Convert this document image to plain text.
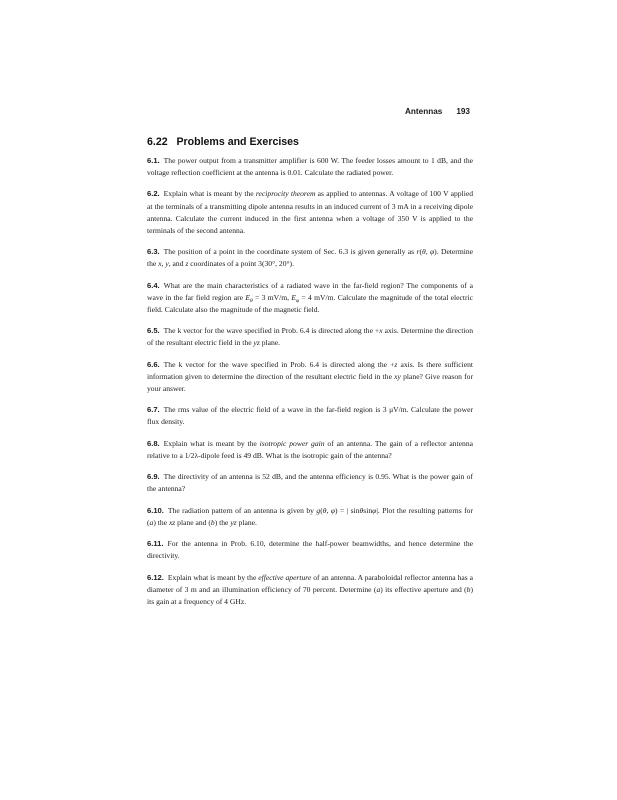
Antennas 193
6.22 Problems and Exercises

6.1. The power output from a transmitter amplifier is 600 W. The feeder losses amount to 1 dB, and the voltage reflection coefficient at the antenna is 0.01. Calculate the radiated power.

6.2. Explain what is meant by the reciprocity theorem as applied to antennas. A voltage of 100 V applied at the terminals of a transmitting dipole antenna results in an induced current of 3 mA in a receiving dipole antenna. Calculate the current induced in the first antenna when a voltage of 350 V is applied to the terminals of the second antenna.

6.3. The position of a point in the coordinate system of Sec. 6.3 is given generally as r(θ, φ). Determine the x, y, and z coordinates of a point 3(30°, 20°).

6.4. What are the main characteristics of a radiated wave in the far-field region? The components of a wave in the far field region are $E_\theta = 3$ mV/m, $E_\varphi = 4$ mV/m. Calculate the magnitude of the total electric field. Calculate also the magnitude of the magnetic field.

6.5. The k vector for the wave specified in Prob. 6.4 is directed along the +x axis. Determine the direction of the resultant electric field in the yz plane.

6.6. The k vector for the wave specified in Prob. 6.4 is directed along the +z axis. Is there sufficient information given to determine the direction of the resultant electric field in the xy plane? Give reason for your answer.

6.7. The rms value of the electric field of a wave in the far-field region is 3 μV/m. Calculate the power flux density.

6.8. Explain what is meant by the isotropic power gain of an antenna. The gain of a reflector antenna relative to a 1/2λ-dipole feed is 49 dB. What is the isotropic gain of the antenna?

6.9. The directivity of an antenna is 52 dB, and the antenna efficiency is 0.95. What is the power gain of the antenna?

6.10. The radiation pattern of an antenna is given by g(θ, φ) = | sinθsinφ|. Plot the resulting patterns for (a) the xz plane and (b) the yz plane.

6.11. For the antenna in Prob. 6.10, determine the half-power beamwidths, and hence determine the directivity.

6.12. Explain what is meant by the effective aperture of an antenna. A paraboloidal reflector antenna has a diameter of 3 m and an illumination efficiency of 70 percent. Determine (a) its effective aperture and (b) its gain at a frequency of 4 GHz.
